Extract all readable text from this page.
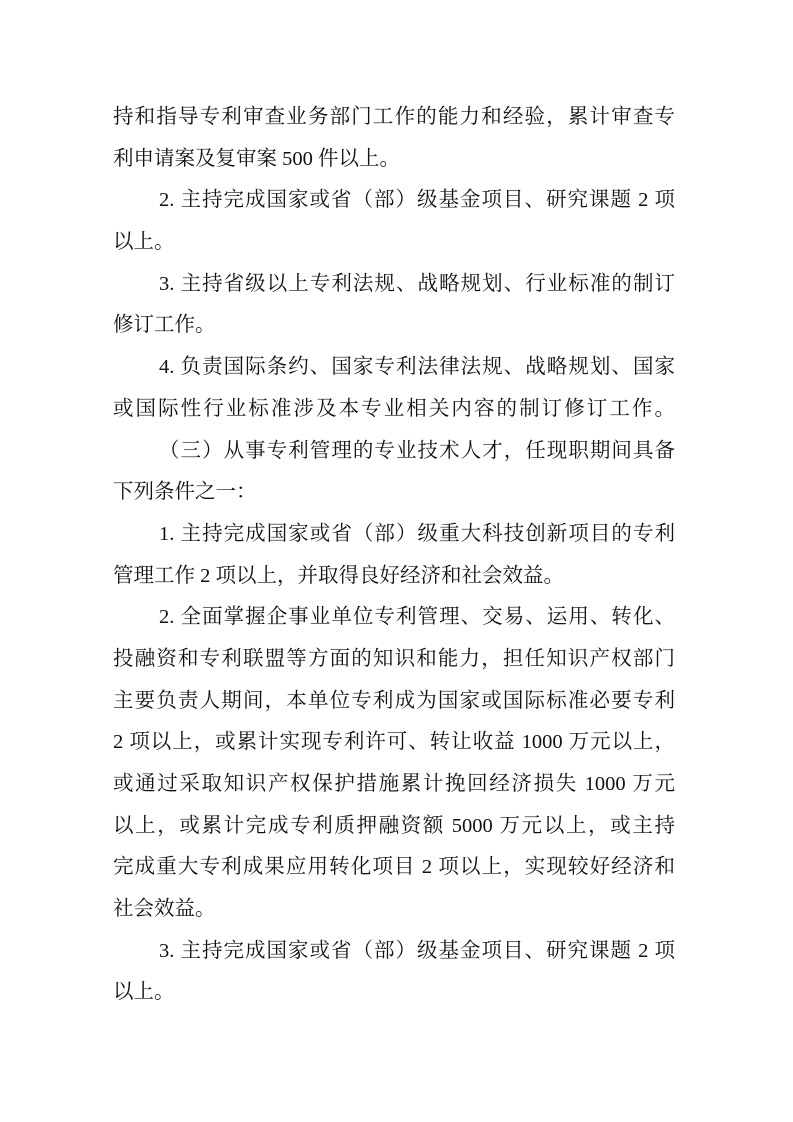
持和指导专利审查业务部门工作的能力和经验，累计审查专
利申请案及复审案 500 件以上。
2. 主持完成国家或省（部）级基金项目、研究课题 2 项
以上。
3. 主持省级以上专利法规、战略规划、行业标准的制订
修订工作。
4. 负责国际条约、国家专利法律法规、战略规划、国家
或国际性行业标准涉及本专业相关内容的制订修订工作。
（三）从事专利管理的专业技术人才，任现职期间具备
下列条件之一：
1. 主持完成国家或省（部）级重大科技创新项目的专利
管理工作 2 项以上，并取得良好经济和社会效益。
2. 全面掌握企事业单位专利管理、交易、运用、转化、
投融资和专利联盟等方面的知识和能力，担任知识产权部门
主要负责人期间，本单位专利成为国家或国际标准必要专利
2 项以上，或累计实现专利许可、转让收益 1000 万元以上，
或通过采取知识产权保护措施累计挽回经济损失 1000 万元
以上，或累计完成专利质押融资额 5000 万元以上，或主持
完成重大专利成果应用转化项目 2 项以上，实现较好经济和
社会效益。
3. 主持完成国家或省（部）级基金项目、研究课题 2 项
以上。
